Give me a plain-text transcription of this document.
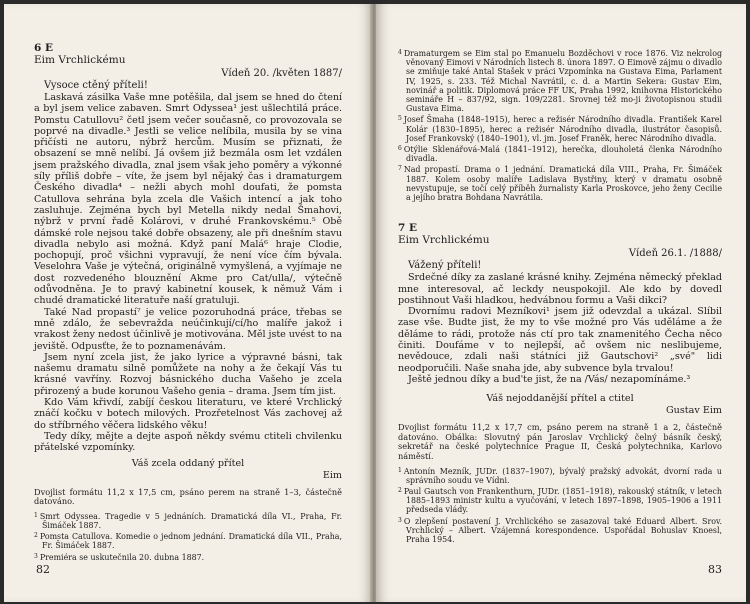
6 E
Eim Vrchlickému
Vídeň 20. /květen 1887/
Vysoce ctěný příteli!

Laskavá zásilka Vaše mne potěšila, dal jsem se hned do čtení a byl jsem velice zabaven. Smrt Odyssea¹ jest ušlechtilá práce. Pomstu Catullovu² četl jsem večer současně, co provozovala se poprvé na divadle.³ Jestli se velice nelíbila, musila by se vina přičísti ne autoru, nýbrž hercům. Musím se přiznati, že obsazení se mně nelíbí. Já ovšem již bezmála osm let vzdálen jsem pražského divadla, znal jsem však jeho poměry a výkonné síly příliš dobře – víte, že jsem byl nějaký čas i dramaturgem Českého divadla⁴ – nežli abych mohl doufati, že pomsta Catullova sehrána byla zcela dle Vašich intencí a jak toho zasluhuje. Zejména bych byl Metella nikdy nedal Šmahovi, nýbrž v první řadě Kolárovi, v druhé Frankovskému.⁵ Obě dámské role nejsou také dobře obsazeny, ale při dnešním stavu divadla nebylo asi možná. Když paní Malá⁶ hraje Clodie, pochopují, proč všichni vypravují, že není více čím bývala. Veselohra Vaše je výtečná, originálně vymyšlená, a vyjímaje ne dost rozvedeného blouznění Akme pro Cat/ulla/, výtečně odůvodněna. Je to pravý kabinetní kousek, k němuž Vám i chudé dramatické literatuře naší gratuluji.

Také Nad propastí⁷ je velice pozoruhodná práce, třebas se mně zdálo, že sebevražda neúčinkují/cí/ho malíře jakož i vrakost ženy nedost účinlivě je motivována. Měl jste uvést to na jeviště. Odpusťte, že to poznamenávám.

Jsem nyní zcela jist, že jako lyrice a výpravné básni, tak našemu dramatu silně pomůžete na nohy a že čekají Vás tu krásné vavříny. Rozvoj básnického ducha Vašeho je zcela přirozený a bude korunou Vašeho genia – drama. Jsem tím jist.

Kdo Vám křivdí, zabíjí českou literaturu, ve které Vrchlický znáčí kočku v botech milových. Prozřetelnost Vás zachovej až do stříbrného věčera lidského věku!

Tedy díky, mějte a dejte aspoň někdy svému ctiteli chvilenku přátelské vzpomínky.

Váš zcela oddaný přítel
Eim
Dvojlist formátu 11,2 x 17,5 cm, psáno perem na straně 1–3, částečně datováno.

$^1$ Smrt Odyssea. Tragedie v 5 jednáních. Dramatická díla VI., Praha, Fr. Šimáček 1887.

$^2$ Pomsta Catullova. Komedie o jednom jednání. Dramatická díla VII., Praha, Fr. Šimáček 1887.

$^3$ Premiéra se uskutečnila 20. dubna 1887.

82

$^4$ Dramaturgem se Eim stal po Emanuelu Bozděchovi v roce 1876. Viz nekrolog věnovaný Eimovi v Národních listech 8. února 1897. O Eimově zájmu o divadlo se zmiňuje také Antal Stašek v práci Vzpomínka na Gustava Eima, Parlament IV, 1925, s. 233. Též Michal Navrátil, c. d. a Martin Sekera: Gustav Eim, novinář a politik. Diplomová práce FF UK, Praha 1992, knihovna Historického semináře H – 837/92, sign. 109/2281. Srovnej též mo-ji životopisnou studii Gustava Eima.

$^5$ Josef Šmaha (1848–1915), herec a režisér Národního divadla. František Karel Kolár (1830–1895), herec a režisér Národního divadla, ilustrátor časopisů. Josef Frankovský (1840–1901), vl. jm. Josef Franěk, herec Národního divadla.

$^6$ Otýlie Sklenářová-Malá (1841–1912), herečka, dlouholetá členka Národního divadla.

$^7$ Nad propastí. Drama o 1 jednání. Dramatická díla VIII., Praha, Fr. Šimáček 1887. Kolem osoby malíře Ladislava Bystřiny, který v dramatu osobně nevystupuje, se točí celý příběh žurnalisty Karla Proskovce, jeho ženy Cecilie a jejího bratra Bohdana Navrátila.

7 E
Eim Vrchlickému
Vídeň 26.1. /1888/
Vážený příteli!

Srdečné díky za zaslané krásné knihy. Zejména německý překlad mne interesoval, ač leckdy neuspokojil. Ale kdo by dovedl postihnout Vaši hladkou, hedvábnou formu a Vaši dikci?

Dvornímu radovi Mezníkovi¹ jsem již odevzdal a ukázal. Slíbil zase vše. Budte jist, že my to vše možné pro Vás uděláme a že děláme to rádi, protože nás ctí pro tak znamenitého Čecha něco činiti. Doufáme v to nejlepší, ač ovšem nic neslibujeme, nevědouce, zdali naši státníci již Gautschovi² „své" lidi neodporučili. Naše snaha jde, aby subvence byla trvalou!

Ještě jednou díky a bud'te jist, že na /Vás/ nezapomínáme.³

Váš nejoddanější přítel a ctitel
Gustav Eim
Dvojlist formátu 11,2 x 17,7 cm, psáno perem na straně 1 a 2, částečně datováno. Obálka: Slovutný pán Jaroslav Vrchlický čelný básník český, sekretář na české polytechnice Prague II, Česká polytechnika, Karlovo náměstí.

$^1$ Antonín Mezník, JUDr. (1837–1907), bývalý pražský advokát, dvorní rada u správního soudu ve Vídni.

$^2$ Paul Gautsch von Frankenthurn, JUDr. (1851–1918), rakouský státník, v letech 1885–1893 ministr kultu a vyučování, v letech 1897–1898, 1905–1906 a 1911 předseda vlády.

$^3$ O zlepšení postavení J. Vrchlického se zasazoval také Eduard Albert. Srov. Vrchlický – Albert. Vzájemná korespondence. Uspořádal Bohuslav Knoesl, Praha 1954.

83
